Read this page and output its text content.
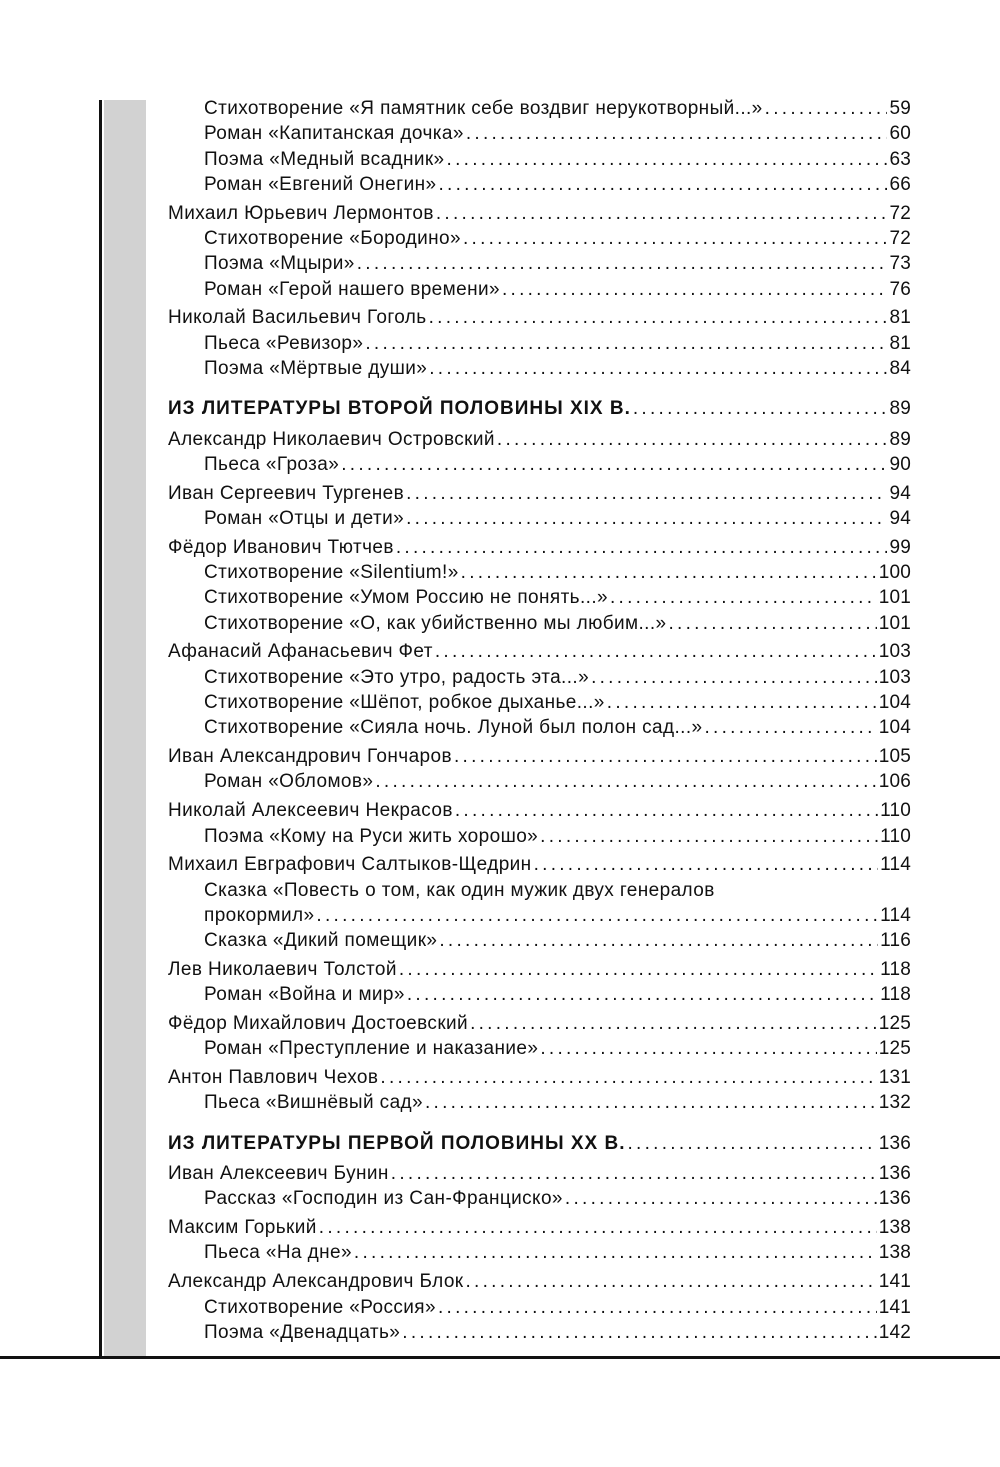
Стихотворение «Я памятник себе воздвиг нерукотворный...» . . .	59
Роман «Капитанская дочка» . . .	60
Поэма «Медный всадник» . . .	63
Роман «Евгений Онегин» . . .	66
Михаил Юрьевич Лермонтов . . .	72
Стихотворение «Бородино» . . .	72
Поэма «Мцыри» . . .	73
Роман «Герой нашего времени» . . .	76
Николай Васильевич Гоголь . . .	81
Пьеса «Ревизор» . . .	81
Поэма «Мёртвые души» . . .	84
ИЗ ЛИТЕРАТУРЫ ВТОРОЙ ПОЛОВИНЫ XIX В. . . .	89
Александр Николаевич Островский . . .	89
Пьеса «Гроза» . . .	90
Иван Сергеевич Тургенев . . .	94
Роман «Отцы и дети» . . .	94
Фёдор Иванович Тютчев . . .	99
Стихотворение «Silentium!» . . .	100
Стихотворение «Умом Россию не понять...» . . .	101
Стихотворение «О, как убийственно мы любим...» . . .	101
Афанасий Афанасьевич Фет . . .	103
Стихотворение «Это утро, радость эта...» . . .	103
Стихотворение «Шёпот, робкое дыханье...» . . .	104
Стихотворение «Сияла ночь. Луной был полон сад...» . . .	104
Иван Александрович Гончаров . . .	105
Роман «Обломов» . . .	106
Николай Алексеевич Некрасов . . .	110
Поэма «Кому на Руси жить хорошо» . . .	110
Михаил Евграфович Салтыков-Щедрин . . .	114
Сказка «Повесть о том, как один мужик двух генералов
прокормил» . . .	114
Сказка «Дикий помещик» . . .	116
Лев Николаевич Толстой . . .	118
Роман «Война и мир» . . .	118
Фёдор Михайлович Достоевский . . .	125
Роман «Преступление и наказание» . . .	125
Антон Павлович Чехов . . .	131
Пьеса «Вишнёвый сад» . . .	132
ИЗ ЛИТЕРАТУРЫ ПЕРВОЙ ПОЛОВИНЫ XX В. . . .	136
Иван Алексеевич Бунин . . .	136
Рассказ «Господин из Сан-Франциско» . . .	136
Максим Горький . . .	138
Пьеса «На дне» . . .	138
Александр Александрович Блок . . .	141
Стихотворение «Россия» . . .	141
Поэма «Двенадцать» . . .	142
